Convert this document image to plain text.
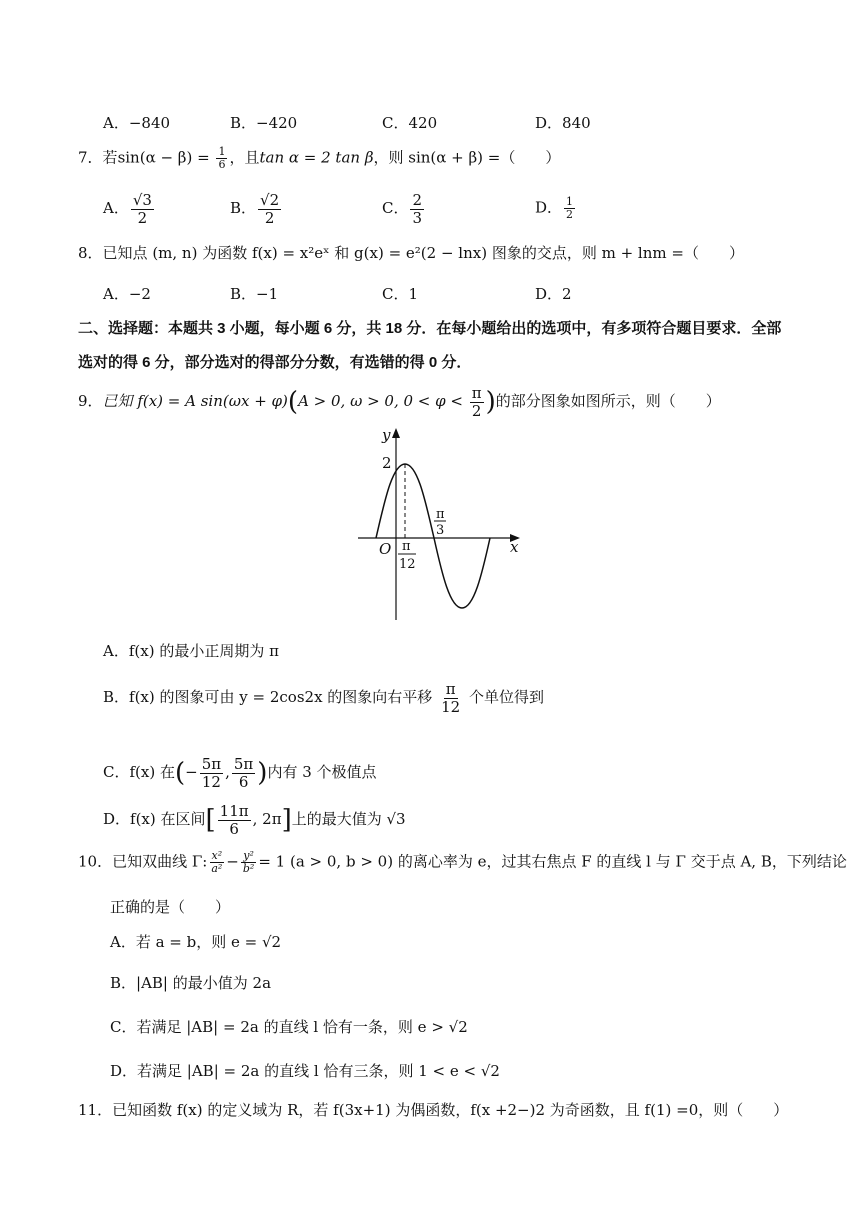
A．−840	B．−420	C．420	D．840
7．若$\sin(\alpha - \beta) = \frac{1}{6}$ ，且tan α = 2 tan β，则 sin(α + β) =（　　）
A． $\frac{√3}{2}$	B． $\frac{√2}{2}$	C． $\frac{2}{3}$	D． $\frac{1}{2}$
8．已知点 (m, n) 为函数 f(x) = x²eˣ 和 g(x) = e²(2 − lnx) 图象的交点，则 m + lnm =（　　）
A．−2	B．−1	C．1	D．2
二、选择题：本题共 3 小题，每小题 6 分，共 18 分．在每小题给出的选项中，有多项符合题目要求．全部
选对的得 6 分，部分选对的得部分分数，有选错的得 0 分．
9．已知 f(x) = A sin(ωx + φ)(A > 0, ω > 0, $0 < \varphi < \frac{\pi}{2}$ )的部分图象如图所示，则（　　）
y
x
O
2
π
12
π
3
A．f(x) 的最小正周期为 π
B．f(x) 的图象可由 y = 2cos2x 的图象向右平移 $\frac{\pi}{12}$ 个单位得到
C．f(x) 在(− $\frac{5\pi}{12}$ , $\frac{5\pi}{6}$ )内有 3 个极值点
D．f(x) 在区间[ $\frac{11\pi}{6}$ , 2π]上的最大值为 √3
10．已知双曲线 Γ: $\frac{\text{x²}}{\text{a²}} - \frac{\text{y²}}{\text{b²}} = 1$ (a > 0, b > 0) 的离心率为 e，过其右焦点 F 的直线 l 与 Γ 交于点 A, B，下列结论
正确的是（　　）
A．若 a = b，则 e = √2
B．|AB| 的最小值为 2a
C．若满足 |AB| = 2a 的直线 l 恰有一条，则 e > √2
D．若满足 |AB| = 2a 的直线 l 恰有三条，则 1 < e < √2
11．已知函数 f(x) 的定义域为 R，若 f(3x+1) 为偶函数，f(x +2−)2 为奇函数，且 f(1) =0，则（　　）
